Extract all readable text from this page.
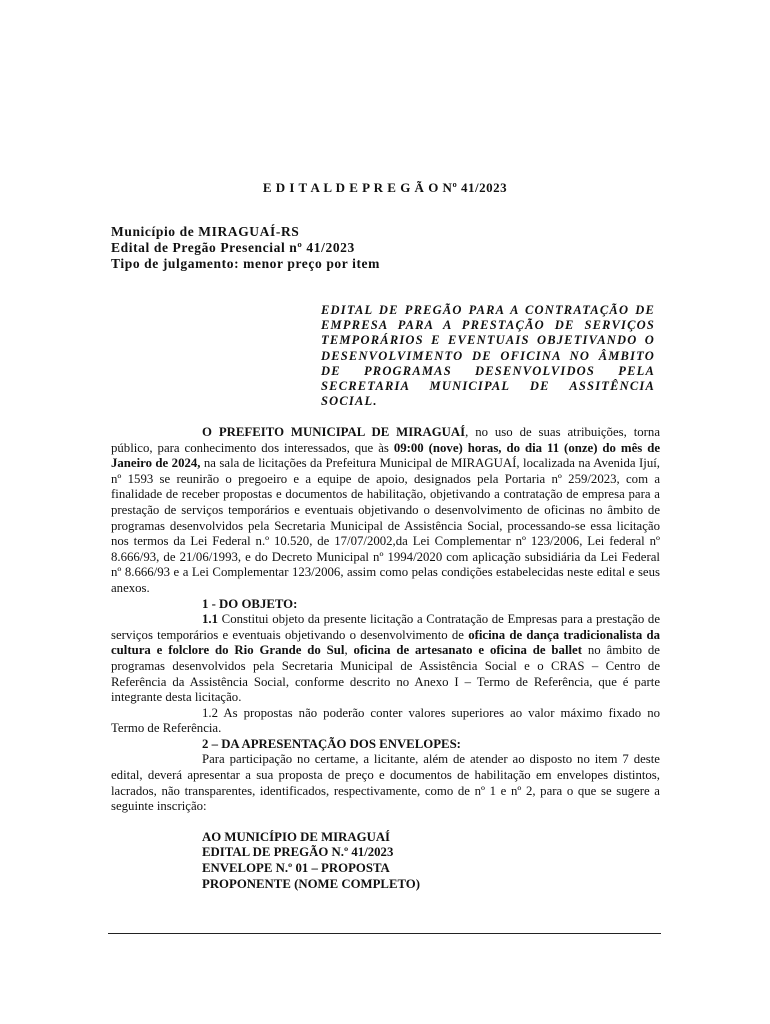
E D I T A L D E P R E G Ã O Nº 41/2023
Município de MIRAGUAÍ-RS
Edital de Pregão Presencial nº 41/2023
Tipo de julgamento: menor preço por item
EDITAL DE PREGÃO PARA A CONTRATAÇÃO DE EMPRESA PARA A PRESTAÇÃO DE SERVIÇOS TEMPORÁRIOS E EVENTUAIS OBJETIVANDO O DESENVOLVIMENTO DE OFICINA NO ÂMBITO DE PROGRAMAS DESENVOLVIDOS PELA SECRETARIA MUNICIPAL DE ASSITÊNCIA SOCIAL.

O PREFEITO MUNICIPAL DE MIRAGUAÍ, no uso de suas atribuições, torna público, para conhecimento dos interessados, que às 09:00 (nove) horas, do dia 11 (onze) do mês de Janeiro de 2024, na sala de licitações da Prefeitura Municipal de MIRAGUAÍ, localizada na Avenida Ijuí, nº 1593 se reunirão o pregoeiro e a equipe de apoio, designados pela Portaria nº 259/2023, com a finalidade de receber propostas e documentos de habilitação, objetivando a contratação de empresa para a prestação de serviços temporários e eventuais objetivando o desenvolvimento de oficinas no âmbito de programas desenvolvidos pela Secretaria Municipal de Assistência Social, processando-se essa licitação nos termos da Lei Federal n.º 10.520, de 17/07/2002,da Lei Complementar nº 123/2006, Lei federal nº 8.666/93, de 21/06/1993, e do Decreto Municipal nº 1994/2020 com aplicação subsidiária da Lei Federal nº 8.666/93 e a Lei Complementar 123/2006, assim como pelas condições estabelecidas neste edital e seus anexos.

1 - DO OBJETO:

1.1 Constitui objeto da presente licitação a Contratação de Empresas para a prestação de serviços temporários e eventuais objetivando o desenvolvimento de oficina de dança tradicionalista da cultura e folclore do Rio Grande do Sul, oficina de artesanato e oficina de ballet no âmbito de programas desenvolvidos pela Secretaria Municipal de Assistência Social e o CRAS – Centro de Referência da Assistência Social, conforme descrito no Anexo I – Termo de Referência, que é parte integrante desta licitação.

1.2 As propostas não poderão conter valores superiores ao valor máximo fixado no Termo de Referência.

2 – DA APRESENTAÇÃO DOS ENVELOPES:

Para participação no certame, a licitante, além de atender ao disposto no item 7 deste edital, deverá apresentar a sua proposta de preço e documentos de habilitação em envelopes distintos, lacrados, não transparentes, identificados, respectivamente, como de nº 1 e nº 2, para o que se sugere a seguinte inscrição:

AO MUNICÍPIO DE MIRAGUAÍ
EDITAL DE PREGÃO N.º 41/2023
ENVELOPE N.º 01 – PROPOSTA
PROPONENTE (NOME COMPLETO)
